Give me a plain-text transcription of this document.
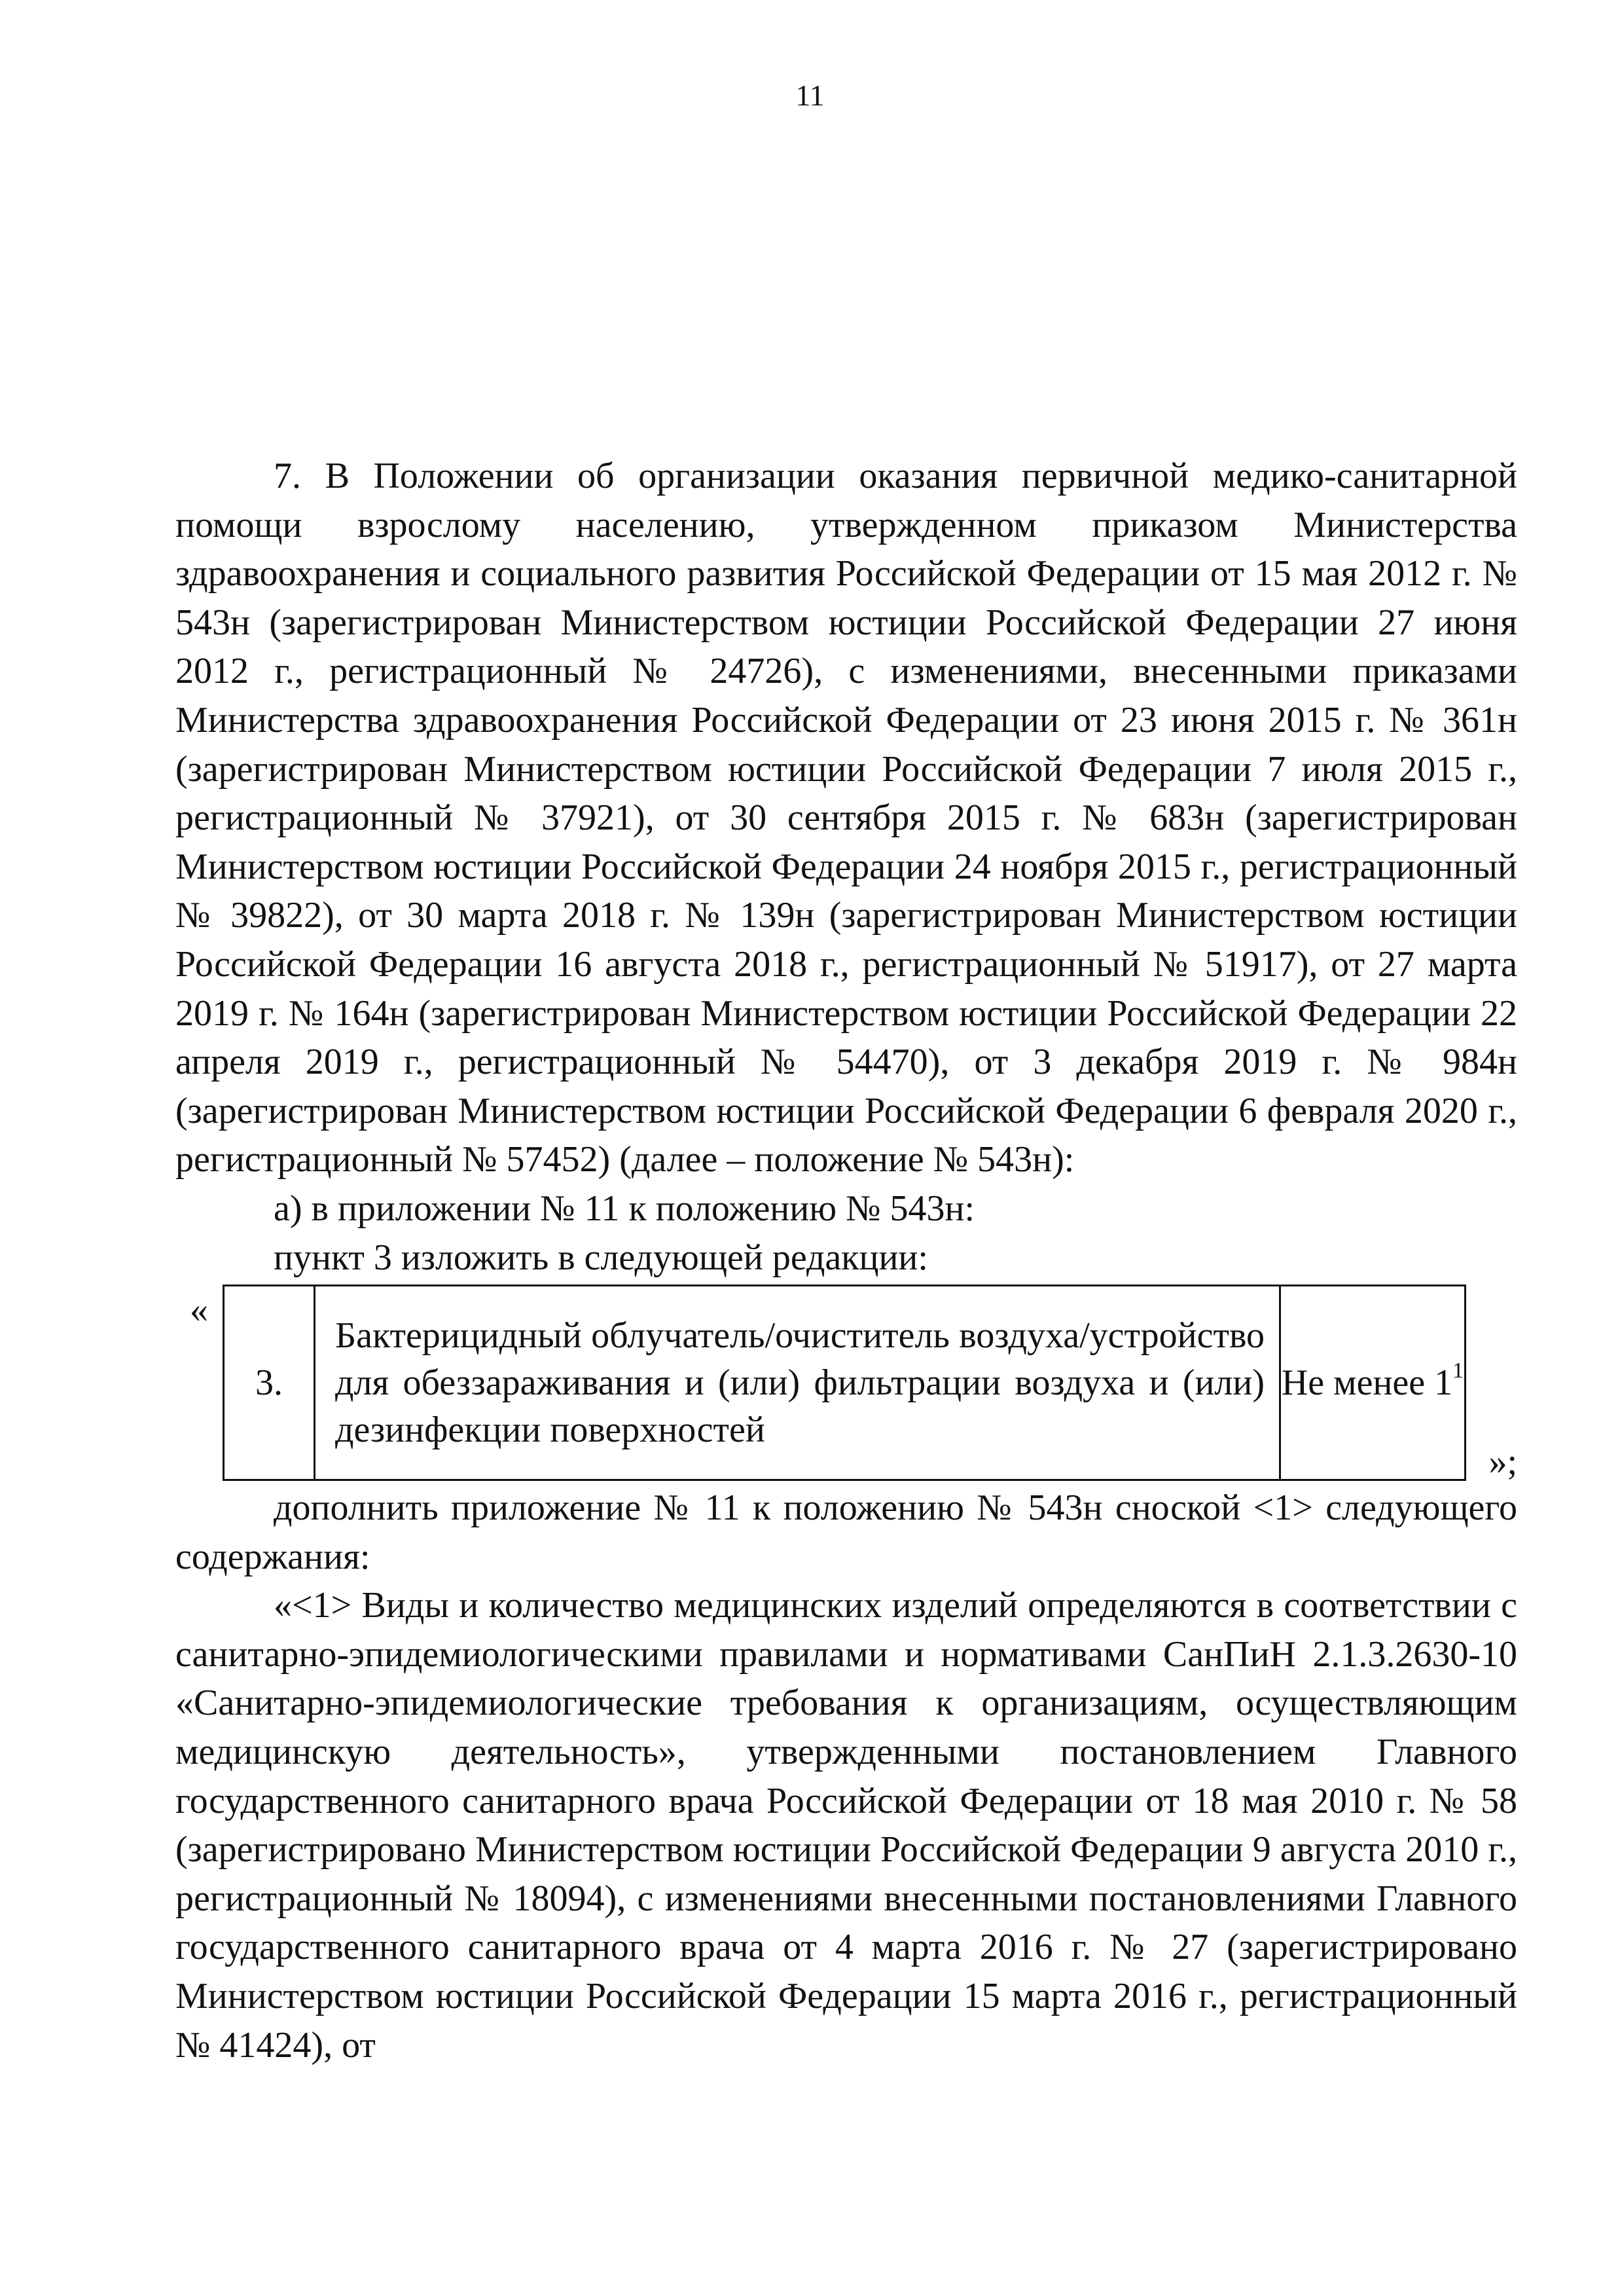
11

7. В Положении об организации оказания первичной медико-санитарной помощи взрослому населению, утвержденном приказом Министерства здравоохранения и социального развития Российской Федерации от 15 мая 2012 г. № 543н (зарегистрирован Министерством юстиции Российской Федерации 27 июня 2012 г., регистрационный № 24726), с изменениями, внесенными приказами Министерства здравоохранения Российской Федерации от 23 июня 2015 г. № 361н (зарегистрирован Министерством юстиции Российской Федерации 7 июля 2015 г., регистрационный № 37921), от 30 сентября 2015 г. № 683н (зарегистрирован Министерством юстиции Российской Федерации 24 ноября 2015 г., регистрационный № 39822), от 30 марта 2018 г. № 139н (зарегистрирован Министерством юстиции Российской Федерации 16 августа 2018 г., регистрационный № 51917), от 27 марта 2019 г. № 164н (зарегистрирован Министерством юстиции Российской Федерации 22 апреля 2019 г., регистрационный № 54470), от 3 декабря 2019 г. № 984н (зарегистрирован Министерством юстиции Российской Федерации 6 февраля 2020 г., регистрационный № 57452) (далее – положение № 543н):

а) в приложении № 11 к положению № 543н:

пункт 3 изложить в следующей редакции:

«
3.	Бактерицидный облучатель/очиститель воздуха/устройство для обеззараживания и (или) фильтрации воздуха и (или) дезинфекции поверхностей	Не менее $1^1$
»;

дополнить приложение № 11 к положению № 543н сноской <1> следующего содержания:

«<1> Виды и количество медицинских изделий определяются в соответствии с санитарно-эпидемиологическими правилами и нормативами СанПиН 2.1.3.2630-10 «Санитарно-эпидемиологические требования к организациям, осуществляющим медицинскую деятельность», утвержденными постановлением Главного государственного санитарного врача Российской Федерации от 18 мая 2010 г. № 58 (зарегистрировано Министерством юстиции Российской Федерации 9 августа 2010 г., регистрационный № 18094), с изменениями внесенными постановлениями Главного государственного санитарного врача от 4 марта 2016 г. № 27 (зарегистрировано Министерством юстиции Российской Федерации 15 марта 2016 г., регистрационный № 41424), от
